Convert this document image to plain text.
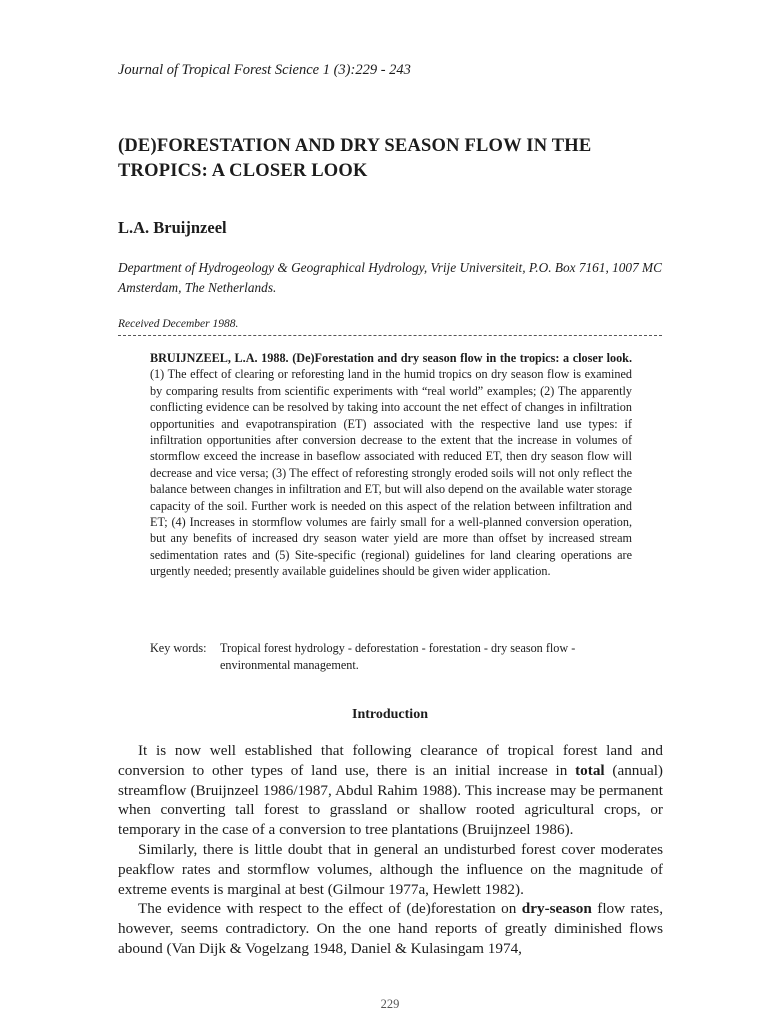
Journal of Tropical Forest Science 1 (3):229 - 243
(DE)FORESTATION AND DRY SEASON FLOW IN THE TROPICS: A CLOSER LOOK
L.A. Bruijnzeel
Department of Hydrogeology & Geographical Hydrology, Vrije Universiteit, P.O. Box 7161, 1007 MC Amsterdam, The Netherlands.
Received December 1988.

BRUIJNZEEL, L.A. 1988. (De)Forestation and dry season flow in the tropics: a closer look. (1) The effect of clearing or reforesting land in the humid tropics on dry season flow is examined by comparing results from scientific experiments with “real world” examples; (2) The apparently conflicting evidence can be resolved by taking into account the net effect of changes in infiltration opportunities and evapotranspiration (ET) associated with the respective land use types: if infiltration opportunities after conversion decrease to the extent that the increase in volumes of stormflow exceed the increase in baseflow associated with reduced ET, then dry season flow will decrease and vice versa; (3) The effect of reforesting strongly eroded soils will not only reflect the balance between changes in infiltration and ET, but will also depend on the available water storage capacity of the soil. Further work is needed on this aspect of the relation between infiltration and ET; (4) Increases in stormflow volumes are fairly small for a well-planned conversion operation, but any benefits of increased dry season water yield are more than offset by increased stream sedimentation rates and (5) Site-specific (regional) guidelines for land clearing operations are urgently needed; presently available guidelines should be given wider application.

Key words:	Tropical forest hydrology - deforestation - forestation - dry season flow - environmental management.
Introduction

It is now well established that following clearance of tropical forest land and conversion to other types of land use, there is an initial increase in total (annual) streamflow (Bruijnzeel 1986/1987, Abdul Rahim 1988). This increase may be permanent when converting tall forest to grassland or shallow rooted agricultural crops, or temporary in the case of a conversion to tree plantations (Bruijnzeel 1986).

Similarly, there is little doubt that in general an undisturbed forest cover moderates peakflow rates and stormflow volumes, although the influence on the magnitude of extreme events is marginal at best (Gilmour 1977a, Hewlett 1982).

The evidence with respect to the effect of (de)forestation on dry-season flow rates, however, seems contradictory. On the one hand reports of greatly diminished flows abound (Van Dijk & Vogelzang 1948, Daniel & Kulasingam 1974,

229
